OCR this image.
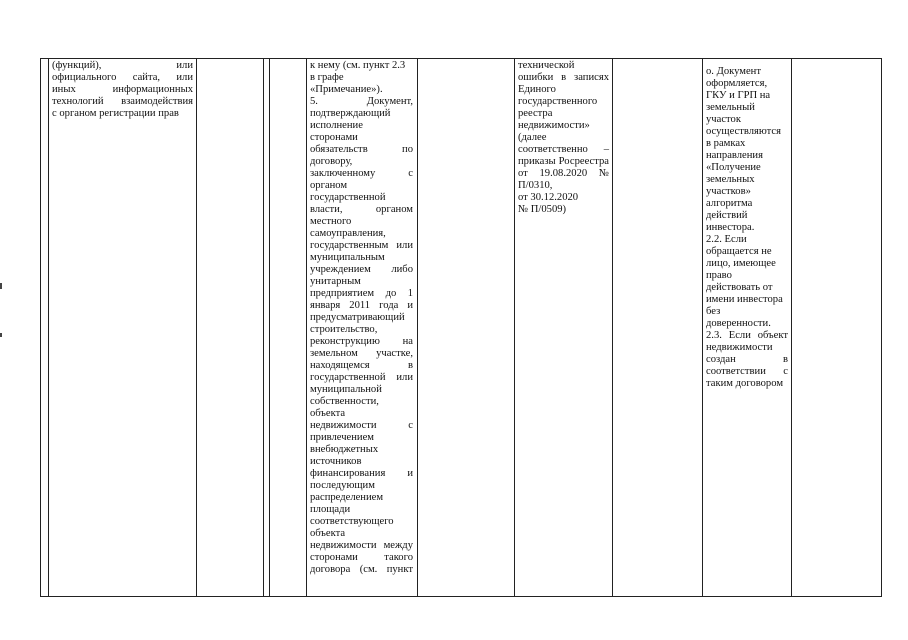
(функций), или
официального сайта, или
иных информационных
технологий взаимодействия
с органом регистрации прав
к нему (см. пункт 2.3
в графе
«Примечание»).
5. Документ,
подтверждающий
исполнение
сторонами
обязательств по
договору,
заключенному с
органом
государственной
власти, органом
местного
самоуправления,
государственным или
муниципальным
учреждением либо
унитарным
предприятием до 1
января 2011 года и
предусматривающий
строительство,
реконструкцию на
земельном участке,
находящемся в
государственной или
муниципальной
собственности,
объекта
недвижимости с
привлечением
внебюджетных
источников
финансирования и
последующим
распределением
площади
соответствующего
объекта
недвижимости между
сторонами такого
договора (см. пункт
технической
ошибки в записях
Единого
государственного
реестра
недвижимости»
(далее
соответственно –
приказы Росреестра
от 19.08.2020 №
П/0310,
от 30.12.2020
№ П/0509)
о. Документ
оформляется,
ГКУ и ГРП на
земельный
участок
осуществляются
в рамках
направления
«Получение
земельных
участков»
алгоритма
действий
инвестора.
2.2. Если
обращается не
лицо, имеющее
право
действовать от
имени инвестора
без
доверенности.
2.3. Если объект
недвижимости
создан в
соответствии с
таким договором
